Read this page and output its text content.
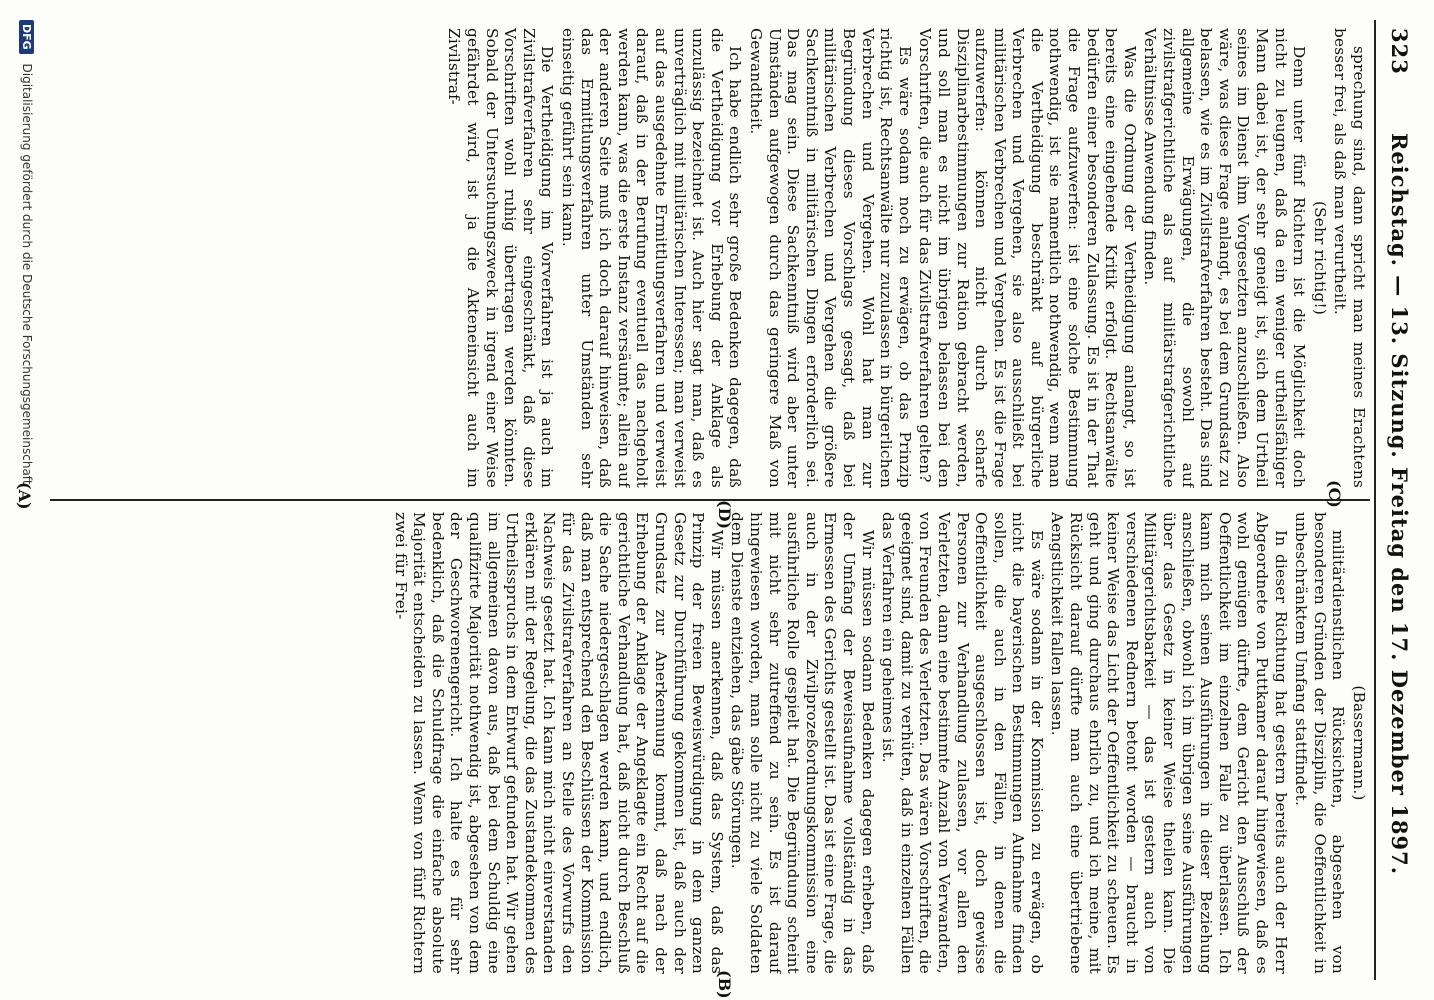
323
Reichstag. — 13. Sitzung. Freitag den 17. Dezember 1897.

sprechung sind, dann spricht man meines Erachtens besser frei, als daß man verurtheilt.

(Sehr richtig!)

Denn unter fünf Richtern ist die Möglichkeit doch nicht zu leugnen, daß da ein weniger urtheilsfähiger Mann dabei ist, der sehr geneigt ist, sich dem Urtheil seines im Dienst ihm Vorgesetzten anzuschließen. Also wäre, was diese Frage anlangt, es bei dem Grundsatz zu belassen, wie es im Zivilstrafverfahren besteht. Das sind allgemeine Erwägungen, die sowohl auf zivilstrafgerichtliche als auf militärstrafgerichtliche Verhältnisse Anwendung finden.

Was die Ordnung der Vertheidigung anlangt, so ist bereits eine eingehende Kritik erfolgt. Rechtsanwälte bedürfen einer besonderen Zulassung. Es ist in der That die Frage aufzuwerfen: ist eine solche Bestimmung nothwendig, ist sie namentlich nothwendig, wenn man die Vertheidigung beschränkt auf bürgerliche Verbrechen und Vergehen, sie also ausschließt bei militärischen Verbrechen und Vergehen. Es ist die Frage aufzuwerfen: können nicht durch scharfe Disziplinarbestimmungen zur Ration gebracht werden, und soll man es nicht im übrigen belassen bei den Vorschriften, die auch für das Zivilstrafverfahren gelten?

Es wäre sodann noch zu erwägen, ob das Prinzip richtig ist, Rechtsanwälte nur zuzulassen in bürgerlichen Verbrechen und Vergehen. Wohl hat man zur Begründung dieses Vorschlags gesagt, daß bei militärischen Verbrechen und Vergehen die größere Sachkenntniß in militärischen Dingen erforderlich sei. Das mag sein. Diese Sachkenntniß wird aber unter Umständen aufgewogen durch das geringere Maß von Gewandtheit.

Ich habe endlich sehr große Bedenken dagegen, daß die Vertheidigung vor Erhebung der Anklage als unzulässig bezeichnet ist. Auch hier sagt man, daß es unverträglich mit militärischen Interessen; man verweist auf das ausgedehnte Ermittlungsverfahren und verweist darauf, daß in der Berufung eventuell das nachgeholt werden kann, was die erste Instanz versäumte; allein auf der anderen Seite muß ich doch darauf hinweisen, daß das Ermittlungsverfahren unter Umständen sehr einseitig geführt sein kann.

Die Vertheidigung im Vorverfahren ist ja auch im Zivilstrafverfahren sehr eingeschränkt, daß diese Vorschriften wohl ruhig übertragen werden könnten. Sobald der Untersuchungszweck in irgend einer Weise gefährdet wird, ist ja die Akteneinsicht auch im Zivilstraf-

(Bassermann.)

militärdienstlichen Rücksichten, abgesehen von besonderen Gründen der Disziplin, die Oeffentlichkeit in unbeschränktem Umfang stattfindet.

In dieser Richtung hat gestern bereits auch der Herr Abgeordnete von Puttkamer darauf hingewiesen, daß es wohl genügen dürfte, dem Gericht den Ausschluß der Oeffentlichkeit im einzelnen Falle zu überlassen. Ich kann mich seinen Ausführungen in dieser Beziehung anschließen, obwohl ich im übrigen seine Ausführungen über das Gesetz in keiner Weise theilen kann. Die Militärgerichtsbarkeit — das ist gestern auch von verschiedenen Rednern betont worden — braucht in keiner Weise das Licht der Oeffentlichkeit zu scheuen. Es geht und ging durchaus ehrlich zu, und ich meine, mit Rücksicht darauf dürfte man auch eine übertriebene Aengstlichkeit fallen lassen.

Es wäre sodann in der Kommission zu erwägen, ob nicht die bayerischen Bestimmungen Aufnahme finden sollen, die auch in den Fällen, in denen die Oeffentlichkeit ausgeschlossen ist, doch gewisse Personen zur Verhandlung zulassen, vor allen den Verletzten, dann eine bestimmte Anzahl von Verwandten, von Freunden des Verletzten. Das wären Vorschriften, die geeignet sind, damit zu verhüten, daß in einzelnen Fällen das Verfahren ein geheimes ist.

Wir müssen sodann Bedenken dagegen erheben, daß der Umfang der Beweisaufnahme vollständig in das Ermessen des Gerichts gestellt ist. Das ist eine Frage, die auch in der Zivilprozeßordnungskommission eine ausführliche Rolle gespielt hat. Die Begründung scheint mit nicht sehr zutreffend zu sein. Es ist darauf hingewiesen worden, man solle nicht zu viele Soldaten dem Dienste entziehen, das gäbe Störungen.

Wir müssen anerkennen, daß das System, daß das Prinzip der freien Beweiswürdigung in dem ganzen Gesetz zur Durchführung gekommen ist, daß auch der Grundsatz zur Anerkennung kommt, daß nach der Erhebung der Anklage der Angeklagte ein Recht auf die gerichtliche Verhandlung hat, daß nicht durch Beschluß die Sache niedergeschlagen werden kann, und endlich, daß man entsprechend den Beschlüssen der Kommission für das Zivilstrafverfahren an Stelle des Vorwurfs den Nachweis gesetzt hat. Ich kann mich nicht einverstanden erklären mit der Regelung, die das Zustandekommen des Urtheilsspruchs in dem Entwurf gefunden hat. Wir gehen im allgemeinen davon aus, daß bei dem Schuldig eine qualifizirte Majorität nothwendig ist, abgesehen von dem der Geschworenengericht. Ich halte es für sehr bedenklich, daß die Schuldfrage die einfache absolute Majorität entscheiden zu lassen. Wenn von fünf Richtern zwei für Frei-

(C)
(D)
(A)
(B)
DFG Digitalisierung gefördert durch die Deutsche Forschungsgemeinschaft
